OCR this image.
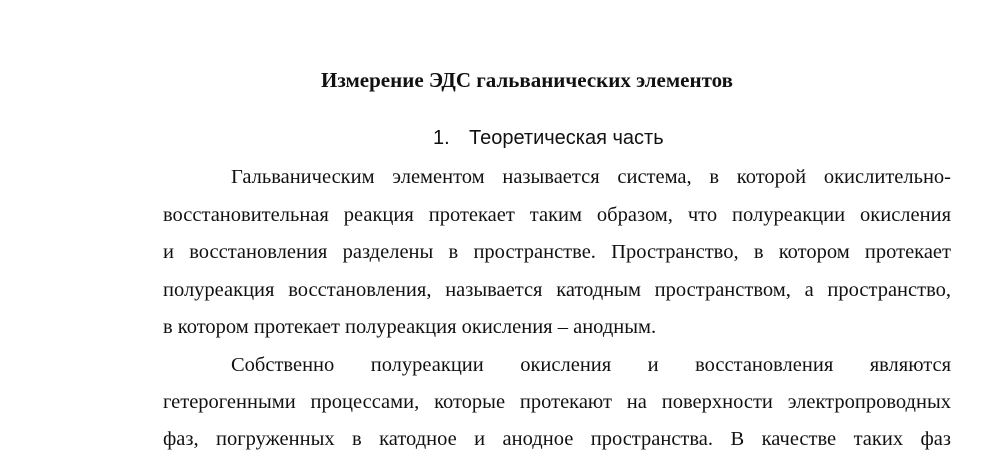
Измерение ЭДС гальванических элементов
1. Теоретическая часть
Гальваническим элементом называется система, в которой окислительно-
восстановительная реакция протекает таким образом, что полуреакции окисления
и восстановления разделены в пространстве. Пространство, в котором протекает
полуреакция восстановления, называется катодным пространством, а пространство,
в котором протекает полуреакция окисления – анодным.
Собственно полуреакции окисления и восстановления являются
гетерогенными процессами, которые протекают на поверхности электропроводных
фаз, погруженных в катодное и анодное пространства. В качестве таких фаз
